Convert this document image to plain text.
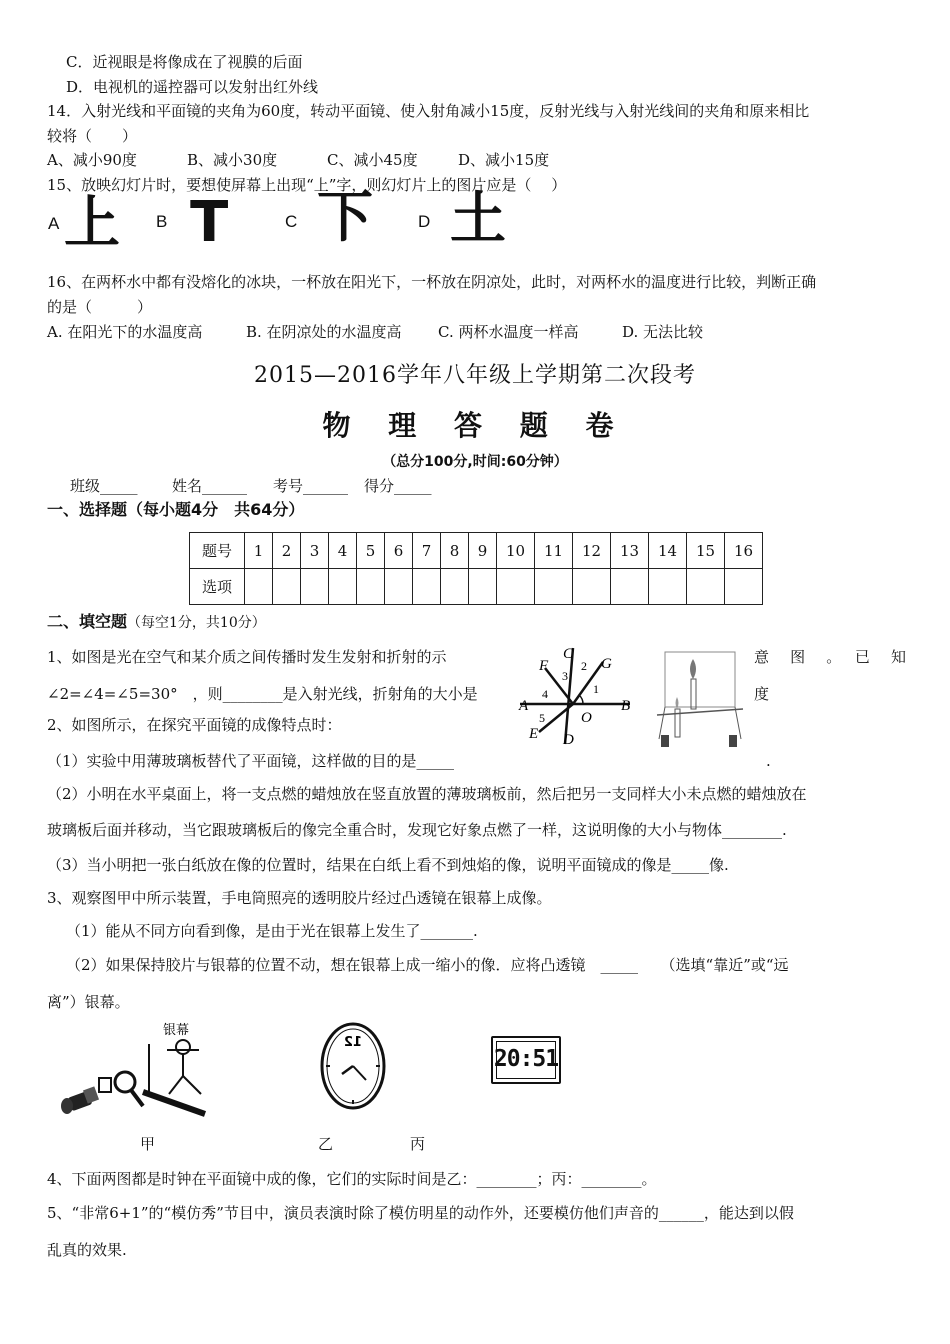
C．近视眼是将像成在了视膜的后面
D．电视机的遥控器可以发射出红外线
14．入射光线和平面镜的夹角为60度，转动平面镜、使入射角减小15度，反射光线与入射光线间的夹角和原来相比
较将（　　）
A、减小90度	B、减小30度	C、减小45度	D、减小15度
15、放映幻灯片时，要想使屏幕上出现“上”字，则幻灯片上的图片应是（　 ）
A	B	C	D
上 T 下 土
16、在两杯水中都有没熔化的冰块，一杯放在阳光下，一杯放在阴凉处，此时，对两杯水的温度进行比较，判断正确
的是（　　　）
A. 在阳光下的水温度高	B. 在阴凉处的水温度高 C. 两杯水温度一样高	D. 无法比较
2015—2016学年八年级上学期第二次段考
物 理 答 题 卷
（总分100分,时间:60分钟）
班级_____ 姓名______ 考号______ 得分_____
一、选择题（每小题4分　共64分）
题号	1	2	3	4	5	6	7	8	9	10	11	12	13	14	15	16
选项																
二、填空题（每空1分，共10分）
1、如图是光在空气和某介质之间传播时发生发射和折射的示	意　图　。　已　知
∠2=∠4=∠5=30°　，则________是入射光线，折射角的大小是	度
F
C
G
A	B
E D
O
1
2
3
4
5
2、如图所示，在探究平面镜的成像特点时：
（1）实验中用薄玻璃板替代了平面镜，这样做的目的是_____	.
（2）小明在水平桌面上，将一支点燃的蜡烛放在竖直放置的薄玻璃板前，然后把另一支同样大小未点燃的蜡烛放在
玻璃板后面并移动，当它跟玻璃板后的像完全重合时，发现它好象点燃了一样，这说明像的大小与物体________.
（3）当小明把一张白纸放在像的位置时，结果在白纸上看不到烛焰的像，说明平面镜成的像是_____像.
3、观察图甲中所示装置，手电筒照亮的透明胶片经过凸透镜在银幕上成像。
（1）能从不同方向看到像，是由于光在银幕上发生了_______.
（2）如果保持胶片与银幕的位置不动，想在银幕上成一缩小的像．应将凸透镜　_____　　（选填“靠近”或“远
离”）银幕。
银幕
12
20:51
甲	乙	丙
4、下面两图都是时钟在平面镜中成的像，它们的实际时间是乙：________；丙：________。
5、“非常6+1”的“模仿秀”节目中，演员表演时除了模仿明星的动作外，还要模仿他们声音的______，能达到以假
乱真的效果.
